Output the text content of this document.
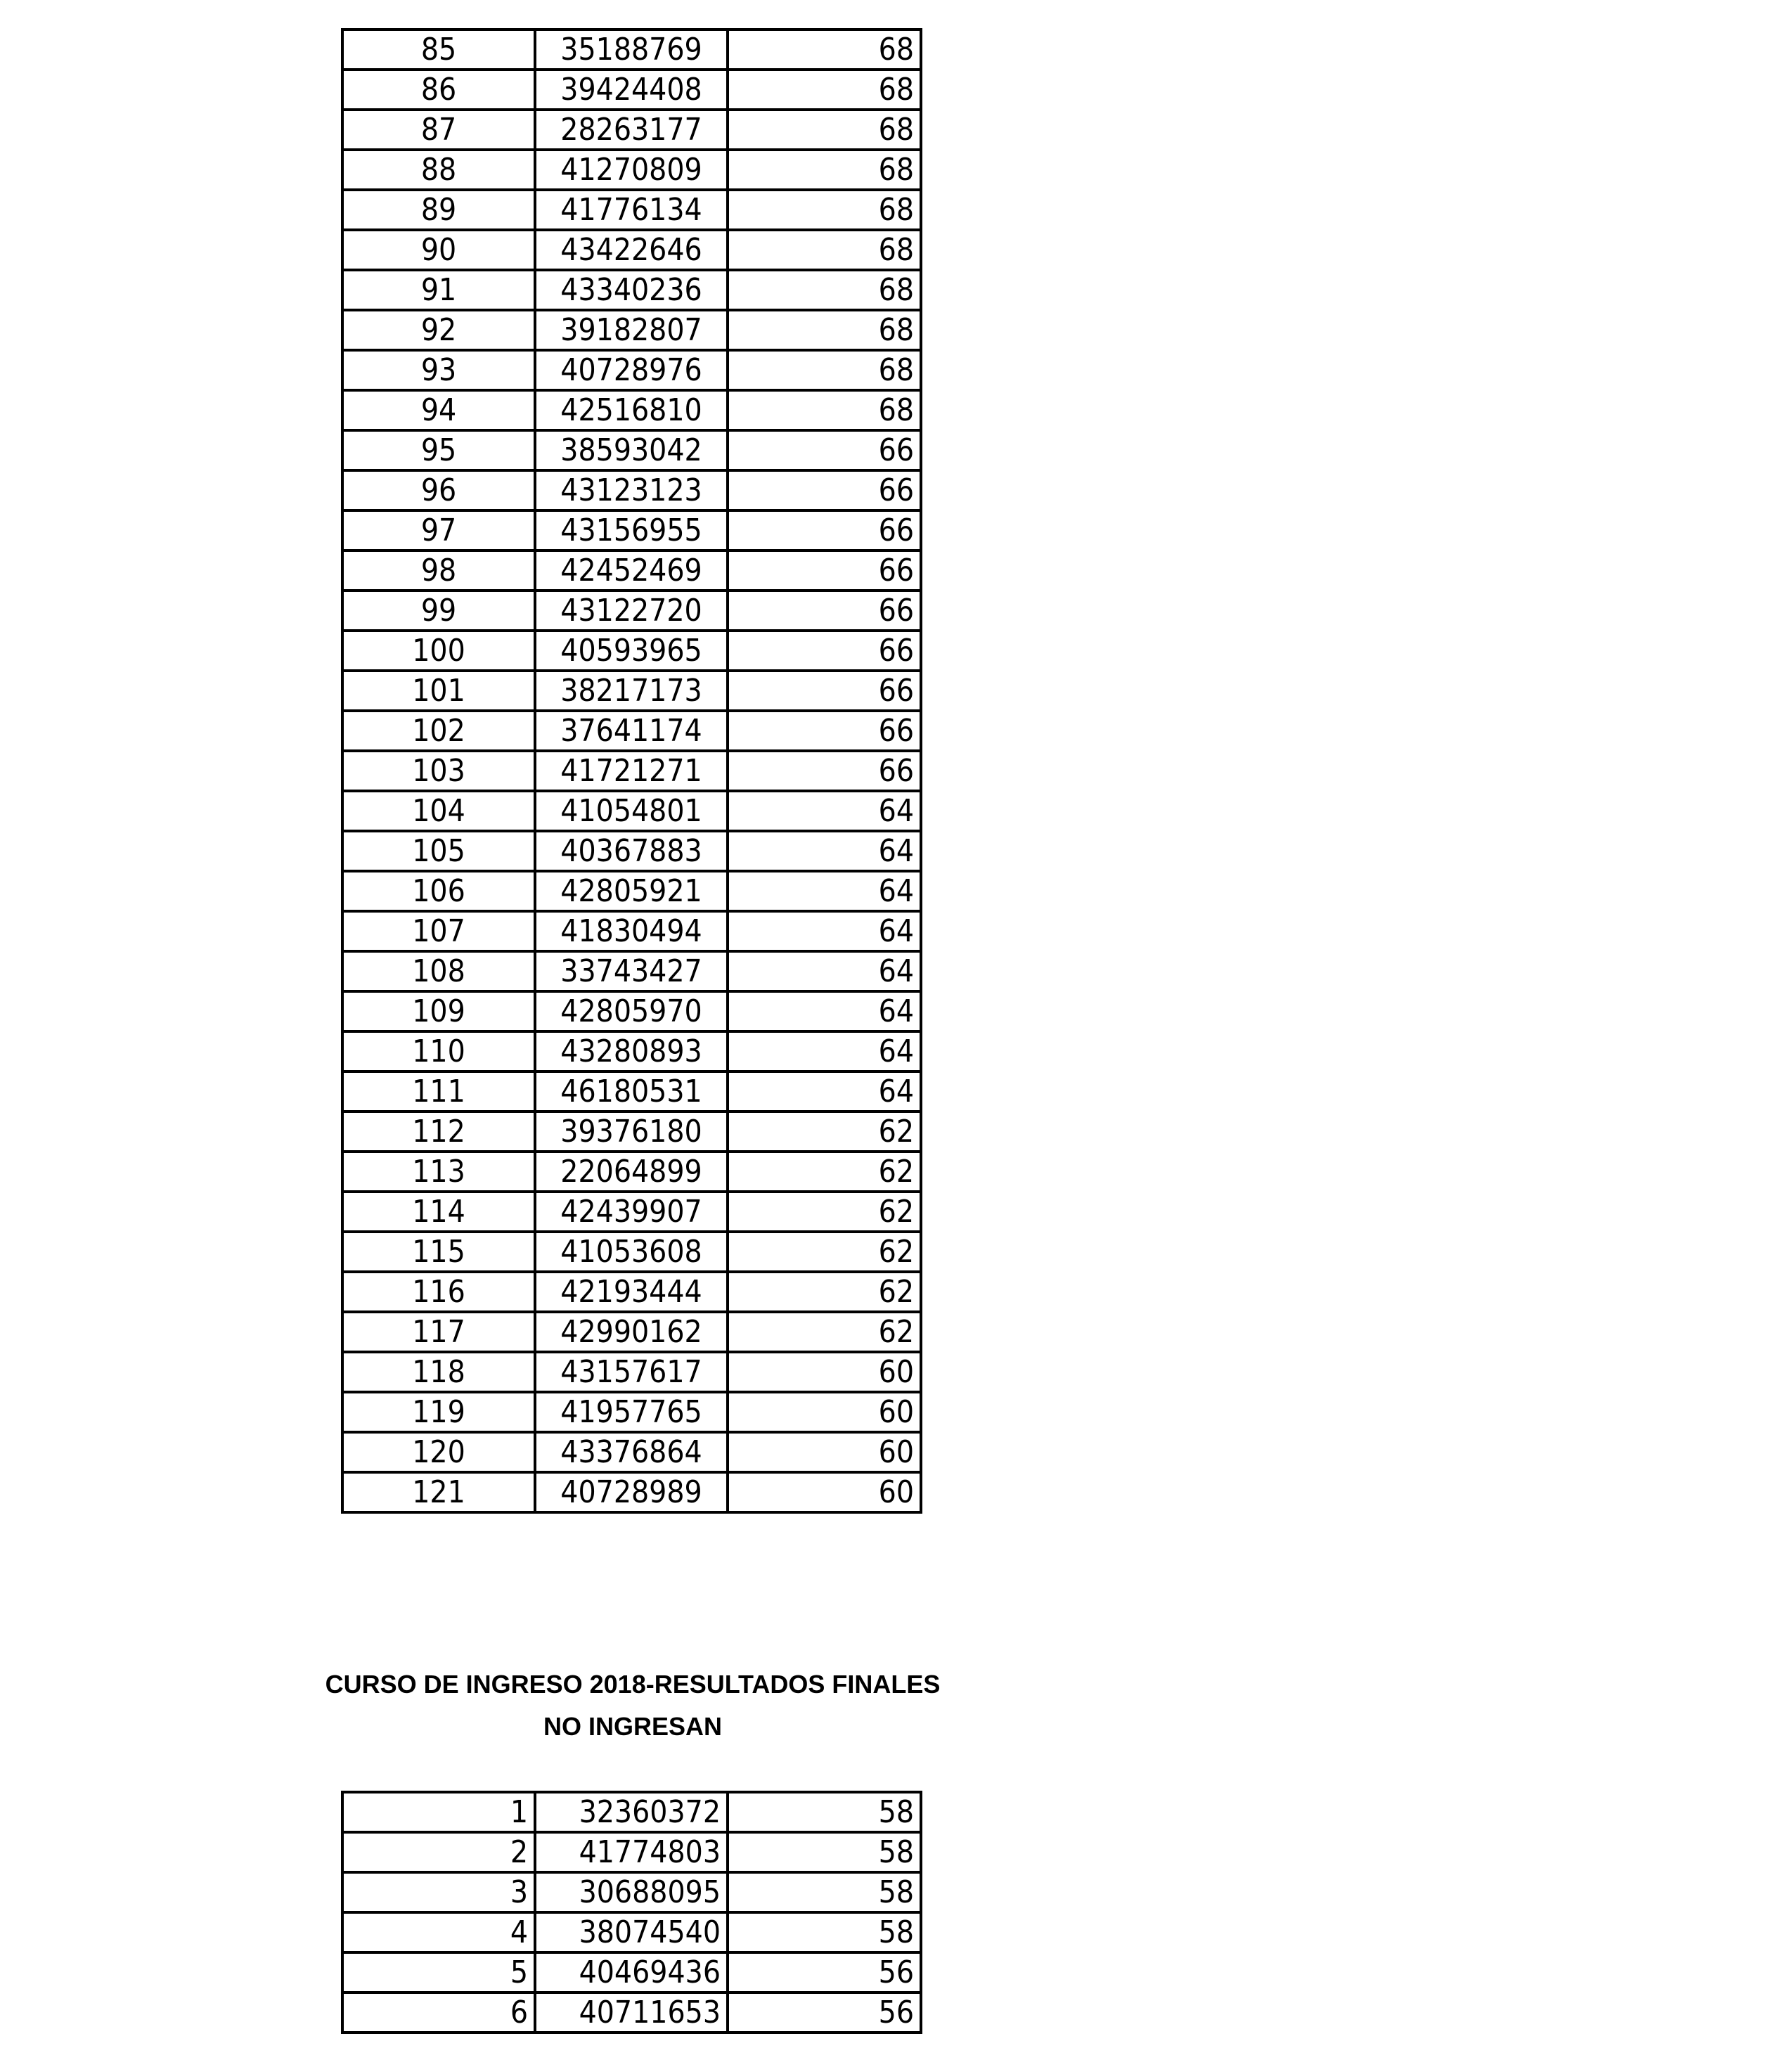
85	35188769	68
86	39424408	68
87	28263177	68
88	41270809	68
89	41776134	68
90	43422646	68
91	43340236	68
92	39182807	68
93	40728976	68
94	42516810	68
95	38593042	66
96	43123123	66
97	43156955	66
98	42452469	66
99	43122720	66
100	40593965	66
101	38217173	66
102	37641174	66
103	41721271	66
104	41054801	64
105	40367883	64
106	42805921	64
107	41830494	64
108	33743427	64
109	42805970	64
110	43280893	64
111	46180531	64
112	39376180	62
113	22064899	62
114	42439907	62
115	41053608	62
116	42193444	62
117	42990162	62
118	43157617	60
119	41957765	60
120	43376864	60
121	40728989	60

CURSO DE INGRESO 2018-RESULTADOS FINALES

NO INGRESAN

1	32360372	58
2	41774803	58
3	30688095	58
4	38074540	58
5	40469436	56
6	40711653	56
